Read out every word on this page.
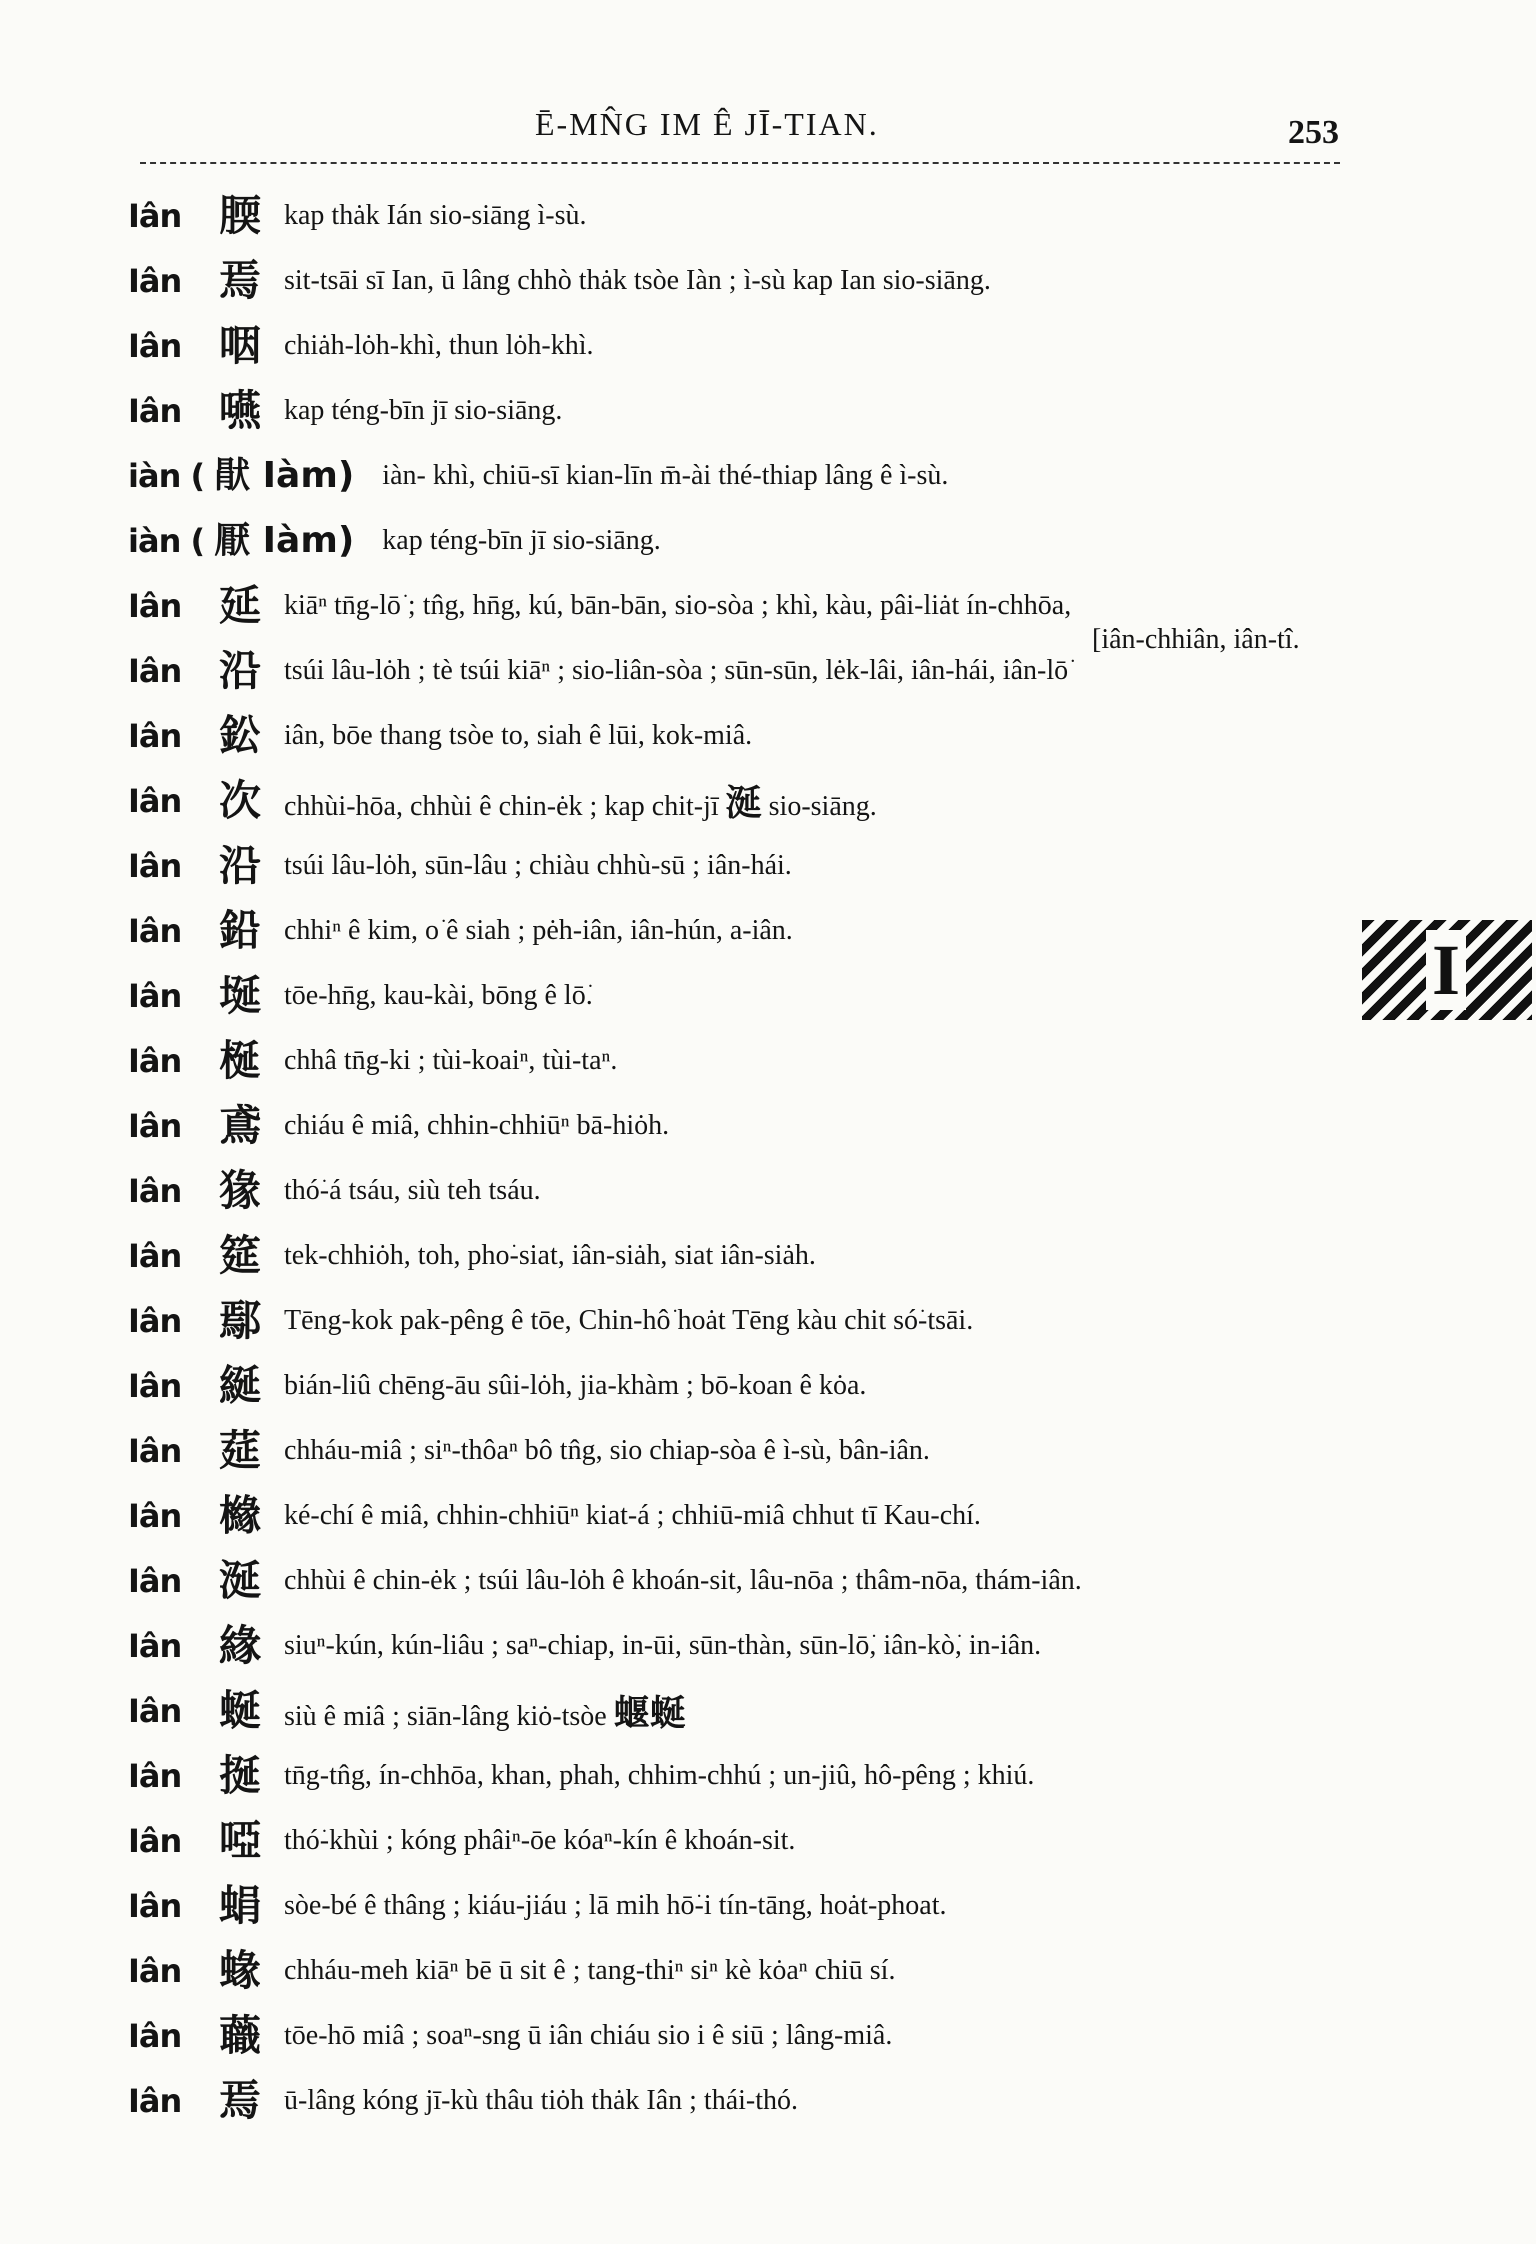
Ē-MN̂G IM Ê JĪ-TIAN.	253
Iân 腝 kap thȧk Ián sio-siāng ì-sù.
Iân 焉 sit-tsāi sī Ian, ū lâng chhò thȧk tsòe Iàn ; ì-sù kap Ian sio-siāng.
Iân 咽 chiȧh-lȯh-khì, thun lȯh-khì.
Iân 嚥 kap téng-bīn jī sio-siāng.
iàn ( 猒 Iàm) iàn- khì, chiū-sī kian-līn m̄-ài thé-thiap lâng ê ì-sù.
iàn ( 厭 Iàm) kap téng-bīn jī sio-siāng.
Iân 延 kiāⁿ tn̄g-lō͘ ; tn̂g, hn̄g, kú, bān-bān, sio-sòa ; khì, kàu, pâi-liȧt ín-chhōa,
Iân 沿 tsúi lâu-lȯh ; tè tsúi kiāⁿ ; sio-liân-sòa ; sūn-sūn, lėk-lâi, iân-hái, iân-lō͘
Iân 鈆 iân, bōe thang tsòe to, siah ê lūi, kok-miâ.
Iân 次 chhùi-hōa, chhùi ê chin-ėk ; kap chit-jī 涎 sio-siāng.
Iân 沿 tsúi lâu-lȯh, sūn-lâu ; chiàu chhù-sū ; iân-hái.
Iân 鉛 chhiⁿ ê kim, o͘ ê siah ; pėh-iân, iân-hún, a-iân.
Iân 埏 tōe-hn̄g, kau-kài, bōng ê lō͘.
Iân 梴 chhâ tn̄g-ki ; tùi-koaiⁿ, tùi-taⁿ.
Iân 鳶 chiáu ê miâ, chhin-chhiūⁿ bā-hiȯh.
Iân 猭 thó͘-á tsáu, siù teh tsáu.
Iân 筵 tek-chhiȯh, toh, pho͘-siat, iân-siȧh, siat iân-siȧh.
Iân 鄢 Tēng-kok pak-pêng ê tōe, Chin-hô͘ hoȧt Tēng kàu chit só͘-tsāi.
Iân 綖 bián-liû chēng-āu sûi-lȯh, jia-khàm ; bō-koan ê kȯa.
Iân 莚 chháu-miâ ; siⁿ-thôaⁿ bô tn̂g, sio chiap-sòa ê ì-sù, bân-iân.
Iân 櫞 ké-chí ê miâ, chhin-chhiūⁿ kiat-á ; chhiū-miâ chhut tī Kau-chí.
Iân 涎 chhùi ê chin-ėk ; tsúi lâu-lȯh ê khoán-sit, lâu-nōa ; thâm-nōa, thám-iân.
Iân 緣 siuⁿ-kún, kún-liâu ; saⁿ-chiap, in-ūi, sūn-thàn, sūn-lō͘, iân-kò͘, in-iân.
Iân 蜒 siù ê miâ ; siān-lâng kiȯ-tsòe 蝘蜒
Iân 挻 tn̄g-tn̂g, ín-chhōa, khan, phah, chhim-chhú ; un-jiû, hô-pêng ; khiú.
Iân 啞 thó͘-khùi ; kóng phâiⁿ-ōe kóaⁿ-kín ê khoán-sit.
Iân 蜎 sòe-bé ê thâng ; kiáu-jiáu ; lā mih hō͘-i tín-tāng, hoȧt-phoat.
Iân 蝝 chháu-meh kiāⁿ bē ū sit ê ; tang-thiⁿ siⁿ kè kȯaⁿ chiū sí.
Iân 蘵 tōe-hō miâ ; soaⁿ-sng ū iân chiáu sio i ê siū ; lâng-miâ.
Iân 焉 ū-lâng kóng jī-kù thâu tiȯh thȧk Iân ; thái-thó.
[iân-chhiân, iân-tî.
I
